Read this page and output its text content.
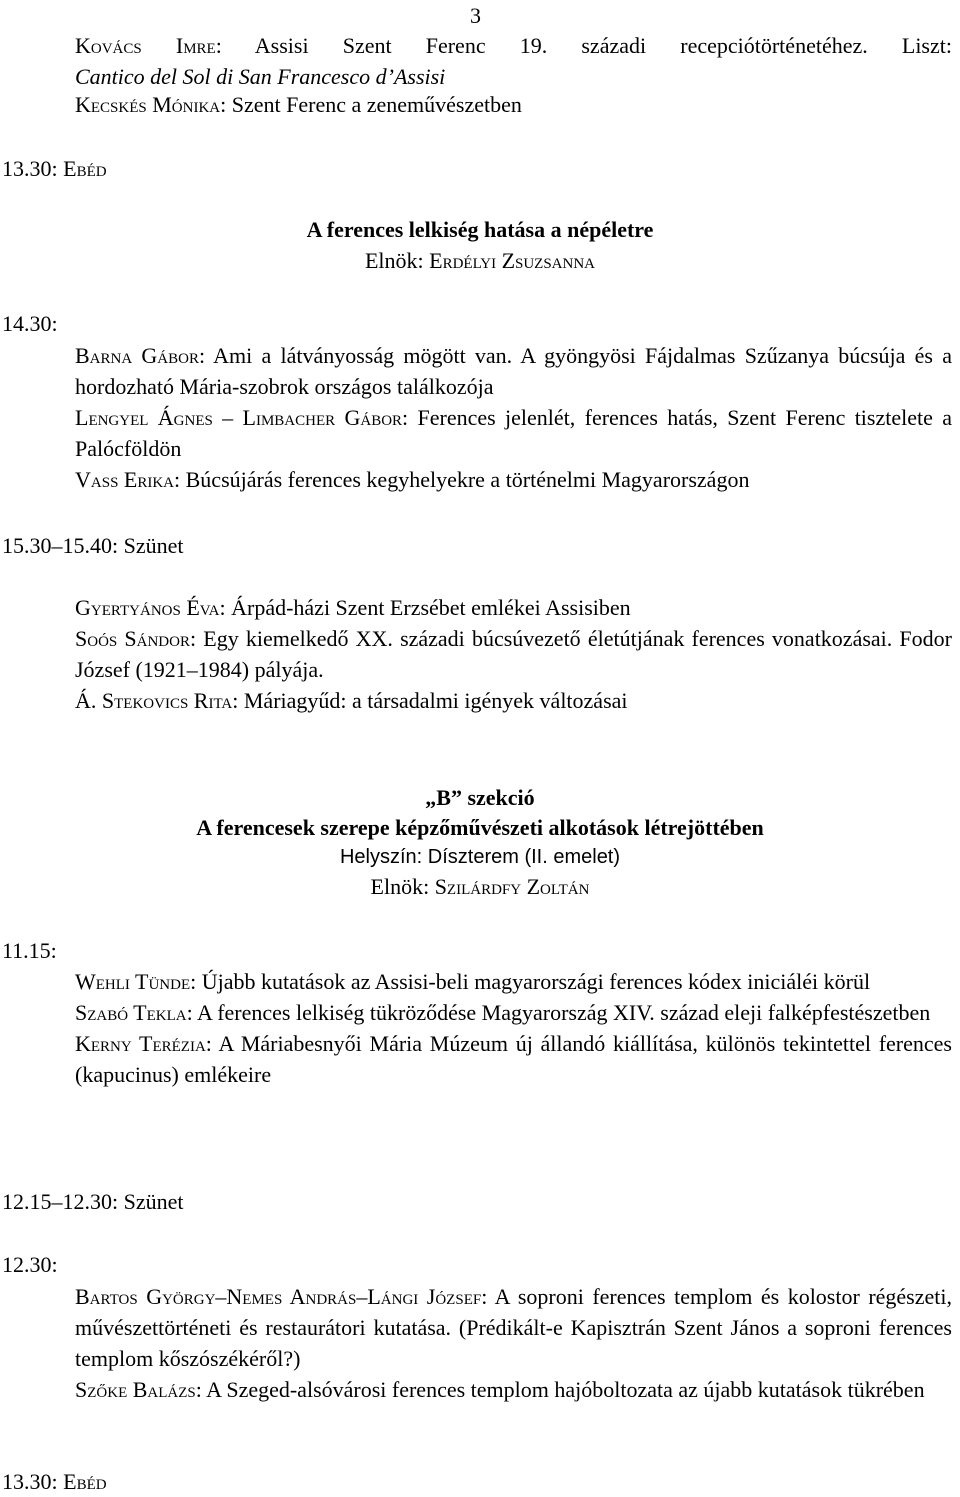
3

Kovács Imre: Assisi Szent Ferenc 19. századi recepciótörténetéhez. Liszt:

Cantico del Sol di San Francesco d’Assisi

Kecskés Mónika: Szent Ferenc a zeneművészetben
13.30: Ebéd
A ferences lelkiség hatása a népéletre
Elnök: Erdélyi Zsuzsanna
14.30:

Barna Gábor: Ami a látványosság mögött van. A gyöngyösi Fájdalmas Szűzanya búcsúja és a hordozható Mária-szobrok országos találkozója

Lengyel Ágnes – Limbacher Gábor: Ferences jelenlét, ferences hatás, Szent Ferenc tisztelete a Palócföldön

Vass Erika: Búcsújárás ferences kegyhelyekre a történelmi Magyarországon

15.30–15.40: Szünet

Gyertyános Éva: Árpád-házi Szent Erzsébet emlékei Assisiben

Soós Sándor: Egy kiemelkedő XX. századi búcsúvezető életútjának ferences vonatkozásai. Fodor József (1921–1984) pályája.

Á. Stekovics Rita: Máriagyűd: a társadalmi igények változásai

„B” szekció
A ferencesek szerepe képzőművészeti alkotások létrejöttében
Helyszín: Díszterem (II. emelet)
Elnök: Szilárdfy Zoltán
11.15:

Wehli Tünde: Újabb kutatások az Assisi-beli magyarországi ferences kódex iniciáléi körül

Szabó Tekla: A ferences lelkiség tükröződése Magyarország XIV. század eleji falképfestészetben

Kerny Terézia: A Máriabesnyői Mária Múzeum új állandó kiállítása, különös tekintettel ferences (kapucinus) emlékeire

12.15–12.30: Szünet
12.30:

Bartos György–Nemes András–Lángi József: A soproni ferences templom és kolostor régészeti, művészettörténeti és restaurátori kutatása. (Prédikált-e Kapisztrán Szent János a soproni ferences templom kőszószékéről?)

Szőke Balázs: A Szeged-alsóvárosi ferences templom hajóboltozata az újabb kutatások tükrében

13.30: Ebéd
